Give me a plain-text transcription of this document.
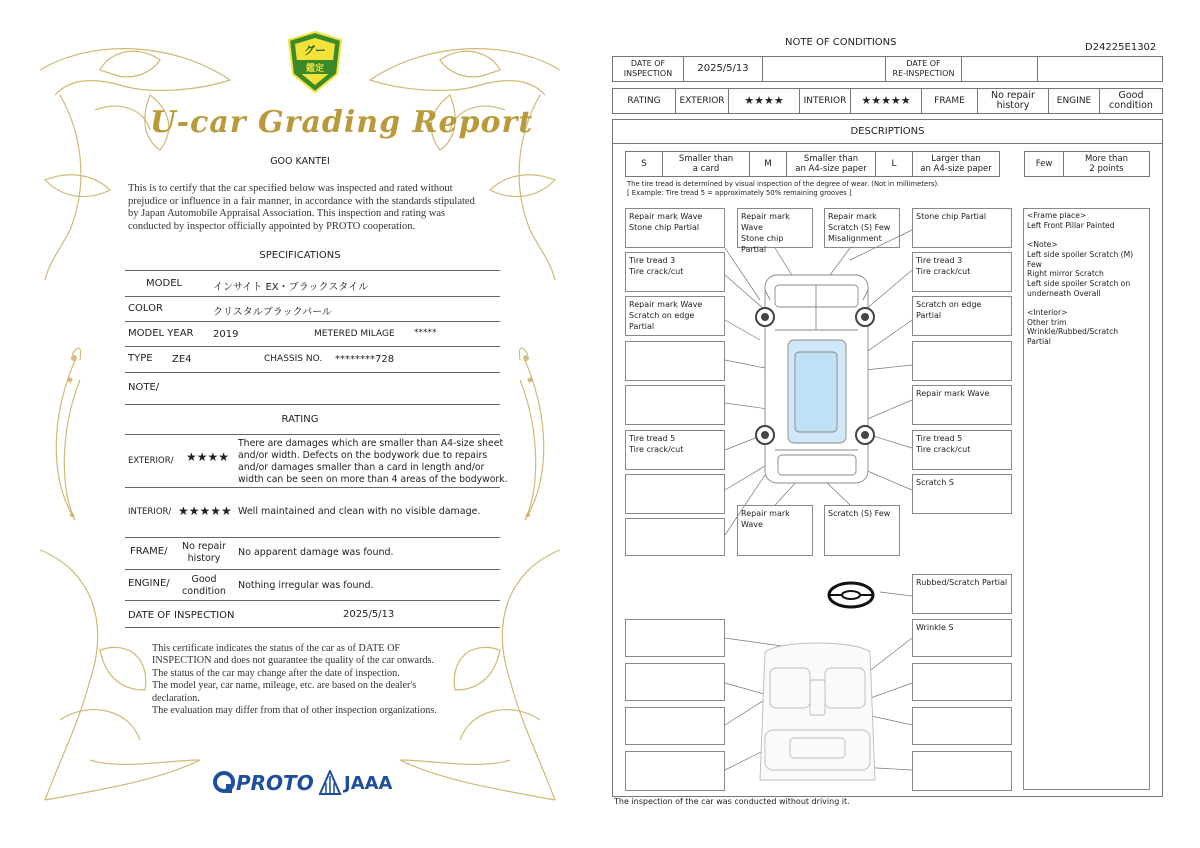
グー
鑑定
U-car Grading Report
GOO KANTEI
This is to certify that the car specified below was inspected and rated without
prejudice or influence in a fair manner, in accordance with the standards stipulated
by Japan Automobile Appraisal Association. This inspection and rating was
conducted by inspector officially appointed by PROTO cooperation.
SPECIFICATIONS
MODEL	インサイト EX・ブラックスタイル
COLOR	クリスタルブラックパール
MODEL YEAR 2019	METERED MILAGE *****
TYPE ZE4	CHASSIS NO. ********728
NOTE/
RATING
EXTERIOR/ ★★★★
There are damages which are smaller than A4-size sheet
and/or width. Defects on the bodywork due to repairs
and/or damages smaller than a card in length and/or
width can be seen on more than 4 areas of the bodywork.
INTERIOR/ ★★★★★ Well maintained and clean with no visible damage.
FRAME/	No repair
history
No apparent damage was found.
ENGINE/	Good
condition
Nothing irregular was found.
DATE OF INSPECTION	2025/5/13
This certificate indicates the status of the car as of DATE OF
INSPECTION and does not guarantee the quality of the car onwards.
The status of the car may change after the date of inspection.
The model year, car name, mileage, etc. are based on the dealer's
declaration.
The evaluation may differ from that of other inspection organizations.
PROTO JAAA
NOTE OF CONDITIONS	D24225E1302
DATE OF
INSPECTION	2025/5/13	DATE OF
RE-INSPECTION
RATING	EXTERIOR	★★★★	INTERIOR	★★★★★	FRAME	No repair
history	ENGINE	Good
condition
DESCRIPTIONS
S	Smaller than
a card	M	Smaller than
an A4-size paper	L	Larger than
an A4-size paper	Few	More than
2 points
The tire tread is determined by visual inspection of the degree of wear. (Not in millimeters).
[ Example: Tire tread 5 = approximately 50% remaining grooves ]
Repair mark Wave
Stone chip Partial
Repair mark Wave
Stone chip Partial
Repair mark
Scratch (S) Few
Misalignment
Stone chip Partial
Tire tread 3
Tire crack/cut
Tire tread 3
Tire crack/cut
Repair mark Wave
Scratch on edge Partial
Scratch on edge Partial
Repair mark Wave
Tire tread 5
Tire crack/cut
Tire tread 5
Tire crack/cut
Scratch S
Repair mark Wave
Scratch (S) Few
Rubbed/Scratch Partial
Wrinkle S
<Frame place>
Left Front Pillar Painted
<Note>
Left side spoiler Scratch (M)
Few
Right mirror Scratch
Left side spoiler Scratch on
underneath Overall
<Interior>
Other trim
Wrinkle/Rubbed/Scratch
Partial
The inspection of the car was conducted without driving it.
